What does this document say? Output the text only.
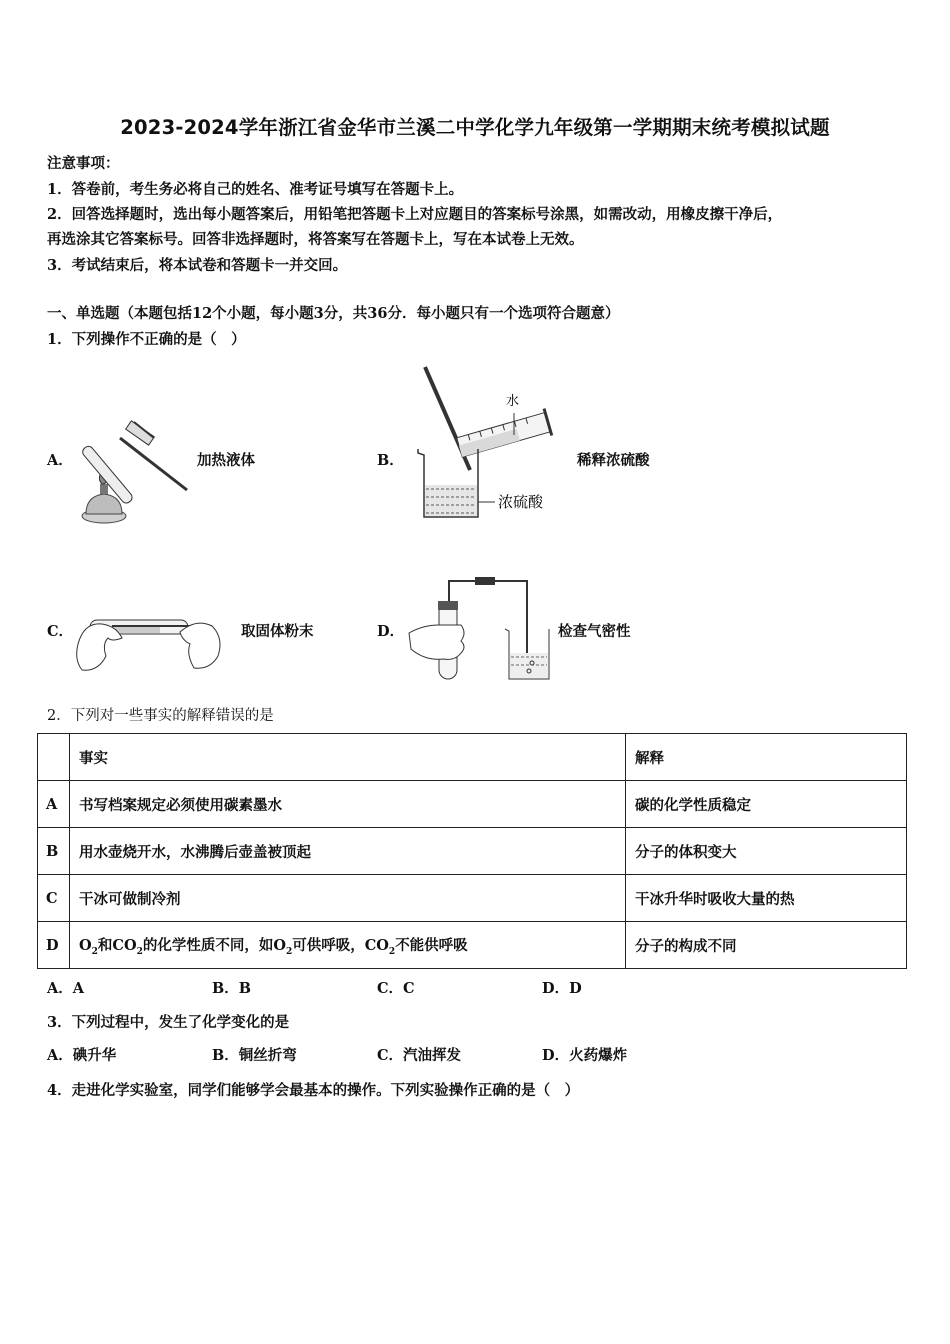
2023-2024学年浙江省金华市兰溪二中学化学九年级第一学期期末统考模拟试题
注意事项：
1．答卷前，考生务必将自己的姓名、准考证号填写在答题卡上。
2．回答选择题时，选出每小题答案后，用铅笔把答题卡上对应题目的答案标号涂黑，如需改动，用橡皮擦干净后，
再选涂其它答案标号。回答非选择题时，将答案写在答题卡上，写在本试卷上无效。
3．考试结束后，将本试卷和答题卡一并交回。
一、单选题（本题包括12个小题，每小题3分，共36分．每小题只有一个选项符合题意）
1．下列操作不正确的是（　）
A．	加热液体	B．
水
浓硫酸
稀释浓硫酸
C．	取固体粉末	D．	检查气密性
2．下列对一些事实的解释错误的是
	事实	解释
A	书写档案规定必须使用碳素墨水	碳的化学性质稳定
B	用水壶烧开水，水沸腾后壶盖被顶起	分子的体积变大
C	干冰可做制冷剂	干冰升华时吸收大量的热
D	$O_2$和$CO_2$的化学性质不同，如$O_2$可供呼吸，$CO_2$不能供呼吸	分子的构成不同
A．A	B．B	C．C	D．D
3．下列过程中，发生了化学变化的是
A．碘升华	B．铜丝折弯	C．汽油挥发	D．火药爆炸
4．走进化学实验室，同学们能够学会最基本的操作。下列实验操作正确的是（　）
